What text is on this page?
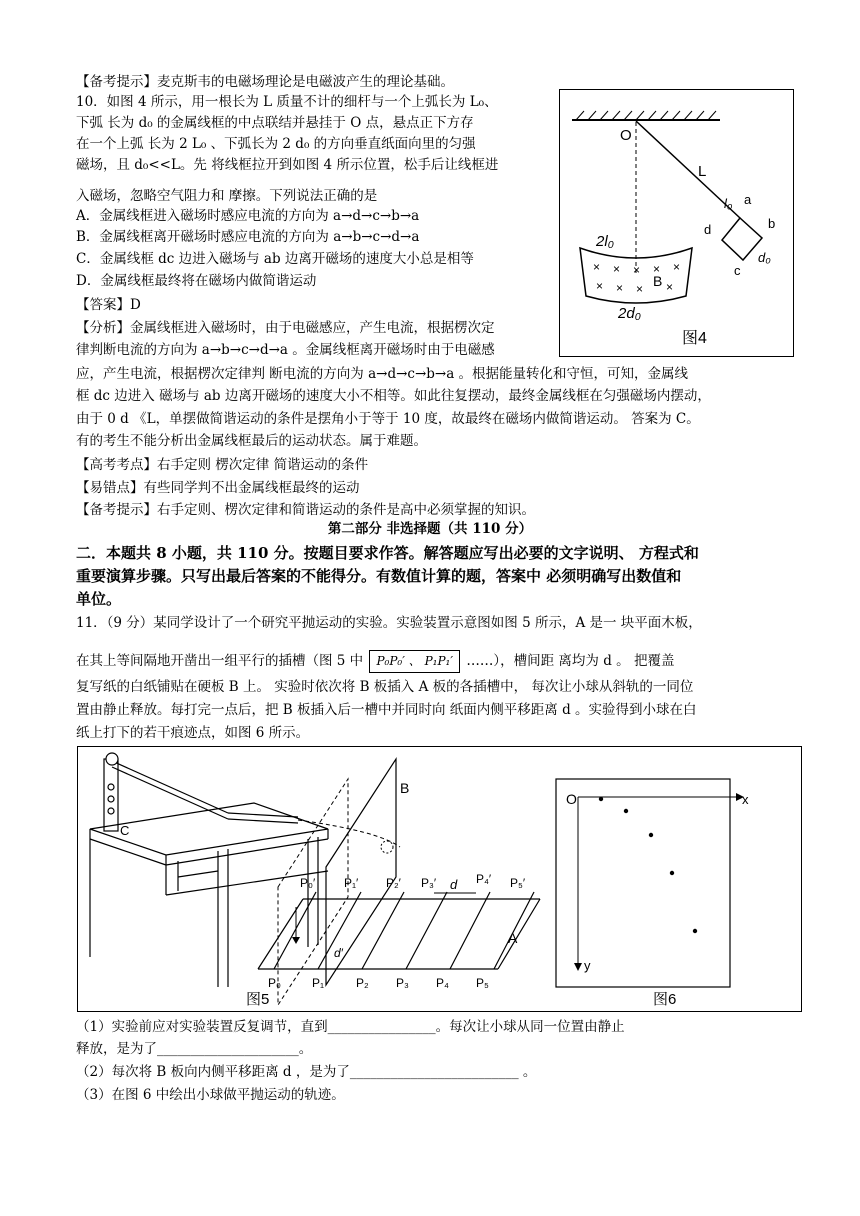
【备考提示】麦克斯韦的电磁场理论是电磁波产生的理论基础。
10．如图 4 所示，用一根长为 L 质量不计的细杆与一个上弧长为 L₀、
下弧 长为 d₀ 的金属线框的中点联结并悬挂于 O 点，悬点正下方存
在一个上弧 长为 2 L₀ 、下弧长为 2 d₀ 的方向垂直纸面向里的匀强
磁场，且 d₀<<L。先 将线框拉开到如图 4 所示位置，松手后让线框进
入磁场，忽略空气阻力和 摩擦。下列说法正确的是
A．金属线框进入磁场时感应电流的方向为 a→d→c→b→a
B．金属线框离开磁场时感应电流的方向为 a→b→c→d→a
C．金属线框 dc 边进入磁场与 ab 边离开磁场的速度大小总是相等
D．金属线框最终将在磁场内做简谐运动
【答案】D
【分析】金属线框进入磁场时，由于电磁感应，产生电流，根据楞次定
律判断电流的方向为 a→b→c→d→a 。金属线框离开磁场时由于电磁感
应，产生电流，根据楞次定律判 断电流的方向为 a→d→c→b→a 。根据能量转化和守恒，可知，金属线
框 dc 边进入 磁场与 ab 边离开磁场的速度大小不相等。如此往复摆动，最终金属线框在匀强磁场内摆动，
由于 0 d 《L，单摆做简谐运动的条件是摆角小于等于 10 度，故最终在磁场内做简谐运动。 答案为 C。
有的考生不能分析出金属线框最后的运动状态。属于难题。
【高考考点】右手定则 楞次定律 简谐运动的条件
【易错点】有些同学判不出金属线框最终的运动
【备考提示】右手定则、楞次定律和简谐运动的条件是高中必须掌握的知识。
第二部分 非选择题（共 110 分）
二．本题共 8 小题，共 110 分。按题目要求作答。解答题应写出必要的文字说明、 方程式和
重要演算步骤。只写出最后答案的不能得分。有数值计算的题，答案中 必须明确写出数值和
单位。
11．（9 分）某同学设计了一个研究平抛运动的实验。实验装置示意图如图 5 所示，A 是一 块平面木板，
在其上等间隔地开凿出一组平行的插槽（图 5 中 P₀P₀′ 、 P₁P₁′ ……），槽间距 离均为 d 。 把覆盖
复写纸的白纸铺贴在硬板 B 上。 实验时依次将 B 板插入 A 板的各插槽中， 每次让小球从斜轨的一同位
置由静止释放。每打完一点后，把 B 板插入后一槽中并同时向 纸面内侧平移距离 d 。实验得到小球在白
纸上打下的若干痕迹点，如图 6 所示。
（1）实验前应对实验装置反复调节，直到________________。每次让小球从同一位置由静止
释放，是为了_____________________。
（2）每次将 B 板向内侧平移距离 d ，是为了_________________________ 。
（3）在图 6 中绘出小球做平抛运动的轨迹。
O
L
l₀ a
b
c
d
d₀
2l₀
× × × × ×
× × × ×
B
2d₀
图4
C
B
A
d
d′
P₀′ P₁′ P₂′ P₃′	P₄′ P₅′
P₀	P₁	P₂ P₃ P₄ P₅
图5
O	x
y
图6
